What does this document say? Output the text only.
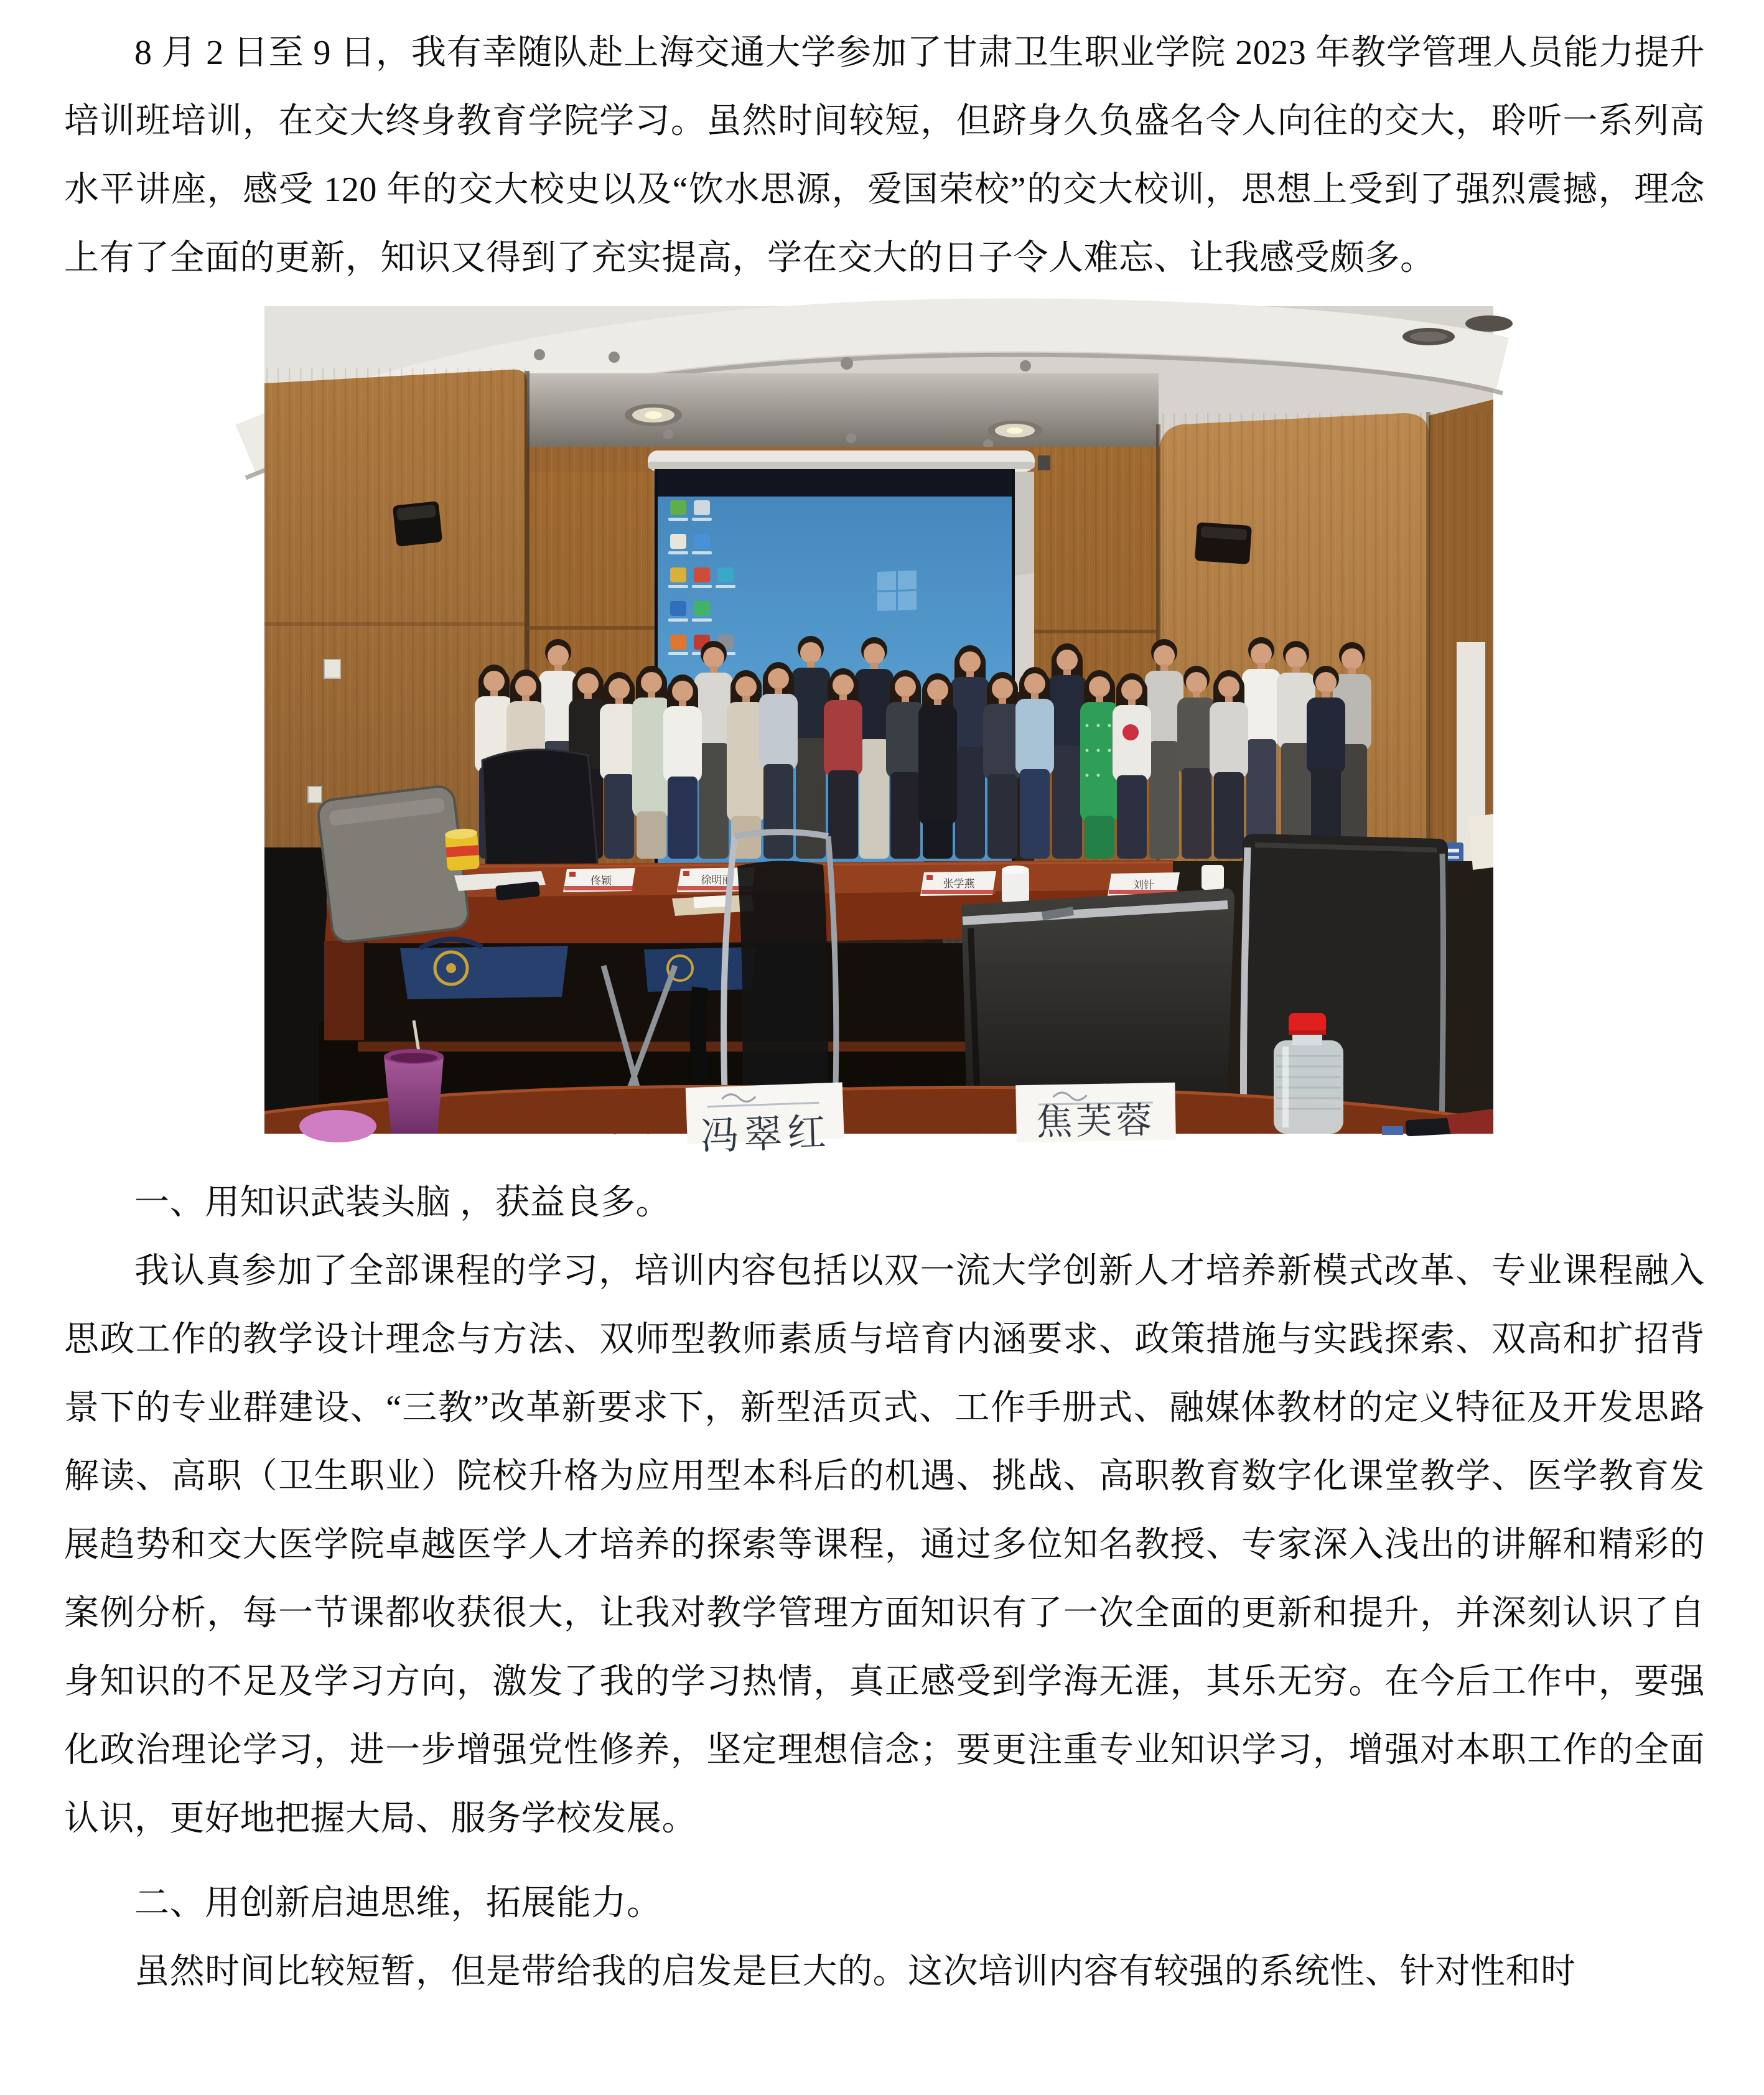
8 月 2 日至 9 日，我有幸随队赴上海交通大学参加了甘肃卫生职业学院 2023 年教学管理人员能力提升培训班培训，在交大终身教育学院学习。虽然时间较短，但跻身久负盛名令人向往的交大，聆听一系列高水平讲座，感受 120 年的交大校史以及“饮水思源，爱国荣校”的交大校训，思想上受到了强烈震撼，理念上有了全面的更新，知识又得到了充实提高，学在交大的日子令人难忘、让我感受颇多。

佟颖	徐明丽	张学燕	刘针
冯翠红	焦芙蓉

一、用知识武装头脑 ，获益良多。

我认真参加了全部课程的学习，培训内容包括以双一流大学创新人才培养新模式改革、专业课程融入思政工作的教学设计理念与方法、双师型教师素质与培育内涵要求、政策措施与实践探索、双高和扩招背景下的专业群建设、“三教”改革新要求下，新型活页式、工作手册式、融媒体教材的定义特征及开发思路解读、高职（卫生职业）院校升格为应用型本科后的机遇、挑战、高职教育数字化课堂教学、医学教育发展趋势和交大医学院卓越医学人才培养的探索等课程，通过多位知名教授、专家深入浅出的讲解和精彩的案例分析，每一节课都收获很大，让我对教学管理方面知识有了一次全面的更新和提升，并深刻认识了自身知识的不足及学习方向，激发了我的学习热情，真正感受到学海无涯，其乐无穷。在今后工作中，要强化政治理论学习，进一步增强党性修养，坚定理想信念；要更注重专业知识学习，增强对本职工作的全面认识，更好地把握大局、服务学校发展。

二、用创新启迪思维，拓展能力。

虽然时间比较短暂，但是带给我的启发是巨大的。这次培训内容有较强的系统性、针对性和时
